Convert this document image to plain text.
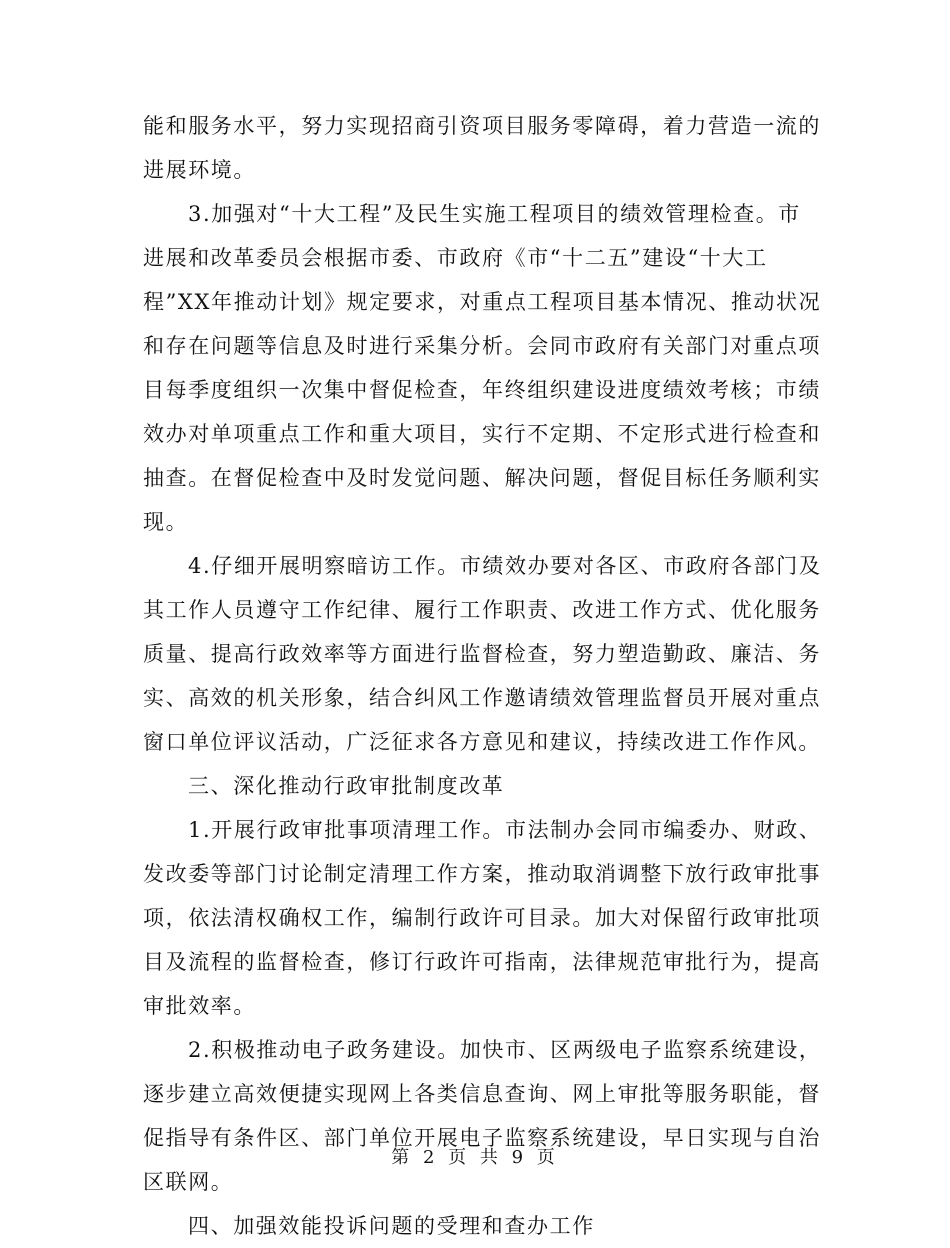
能和服务水平，努力实现招商引资项目服务零障碍，着力营造一流的
进展环境。
3.加强对“十大工程”及民生实施工程项目的绩效管理检查。市
进展和改革委员会根据市委、市政府《市“十二五”建设“十大工
程”XX年推动计划》规定要求，对重点工程项目基本情况、推动状况
和存在问题等信息及时进行采集分析。会同市政府有关部门对重点项
目每季度组织一次集中督促检查，年终组织建设进度绩效考核；市绩
效办对单项重点工作和重大项目，实行不定期、不定形式进行检查和
抽查。在督促检查中及时发觉问题、解决问题，督促目标任务顺利实
现。
4.仔细开展明察暗访工作。市绩效办要对各区、市政府各部门及
其工作人员遵守工作纪律、履行工作职责、改进工作方式、优化服务
质量、提高行政效率等方面进行监督检查，努力塑造勤政、廉洁、务
实、高效的机关形象，结合纠风工作邀请绩效管理监督员开展对重点
窗口单位评议活动，广泛征求各方意见和建议，持续改进工作作风。
三、深化推动行政审批制度改革
1.开展行政审批事项清理工作。市法制办会同市编委办、财政、
发改委等部门讨论制定清理工作方案，推动取消调整下放行政审批事
项，依法清权确权工作，编制行政许可目录。加大对保留行政审批项
目及流程的监督检查，修订行政许可指南，法律规范审批行为，提高
审批效率。
2.积极推动电子政务建设。加快市、区两级电子监察系统建设，
逐步建立高效便捷实现网上各类信息查询、网上审批等服务职能，督
促指导有条件区、部门单位开展电子监察系统建设，早日实现与自治
区联网。
四、加强效能投诉问题的受理和查办工作
第 2 页 共 9 页
